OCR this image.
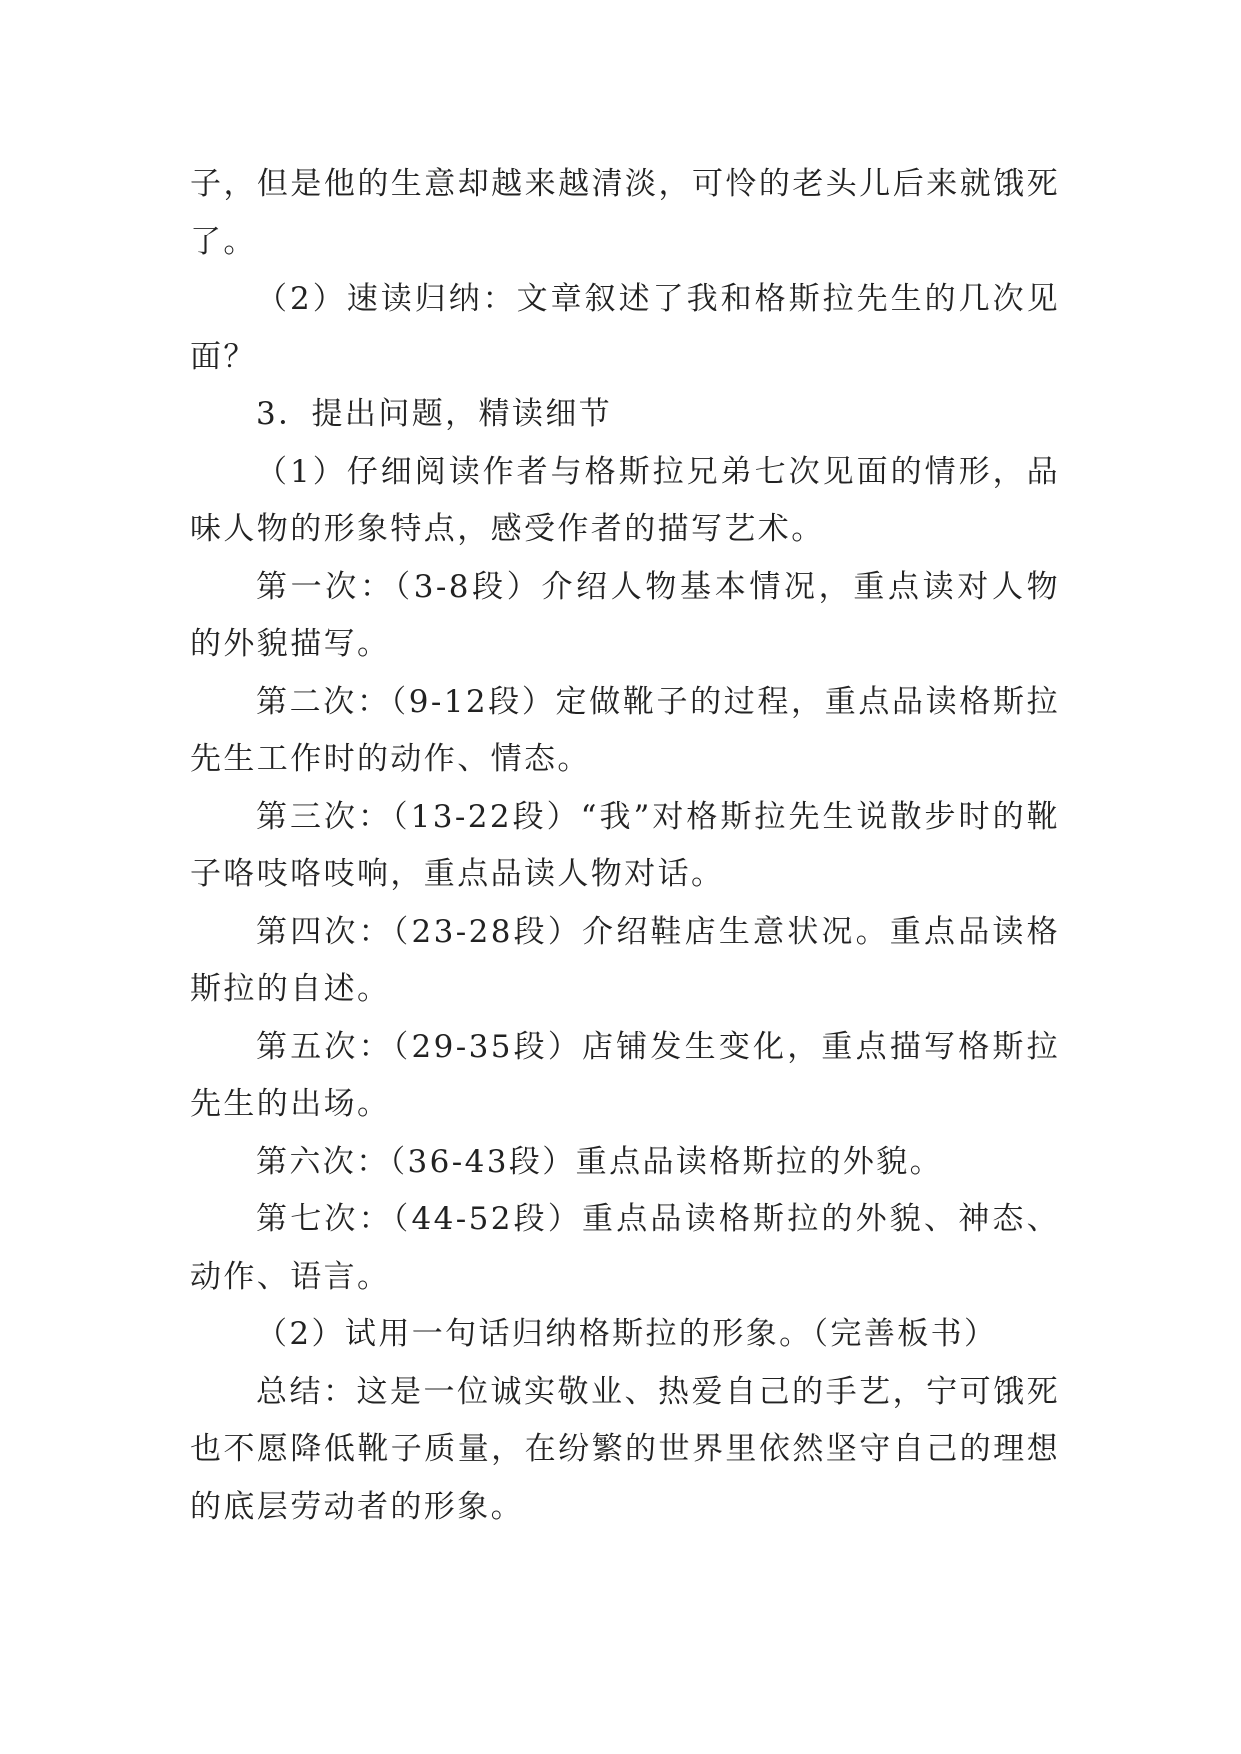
子，但是他的生意却越来越清淡，可怜的老头儿后来就饿死了。

（2）速读归纳：文章叙述了我和格斯拉先生的几次见面？

3．提出问题，精读细节

（1）仔细阅读作者与格斯拉兄弟七次见面的情形，品味人物的形象特点，感受作者的描写艺术。

第一次：（3-8段）介绍人物基本情况，重点读对人物的外貌描写。

第二次：（9-12段）定做靴子的过程，重点品读格斯拉先生工作时的动作、情态。

第三次：（13-22段）“我”对格斯拉先生说散步时的靴子咯吱咯吱响，重点品读人物对话。

第四次：（23-28段）介绍鞋店生意状况。重点品读格斯拉的自述。

第五次：（29-35段）店铺发生变化，重点描写格斯拉先生的出场。

第六次：（36-43段）重点品读格斯拉的外貌。

第七次：（44-52段）重点品读格斯拉的外貌、神态、动作、语言。

（2）试用一句话归纳格斯拉的形象。（完善板书）

总结：这是一位诚实敬业、热爱自己的手艺，宁可饿死也不愿降低靴子质量，在纷繁的世界里依然坚守自己的理想的底层劳动者的形象。
